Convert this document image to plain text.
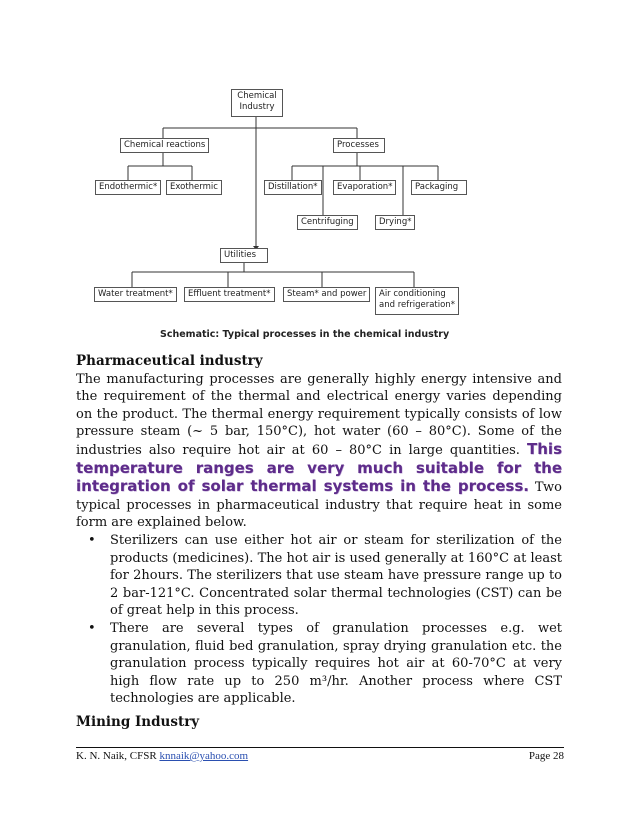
Chemical
Industry
Chemical reactions	Processes
Endothermic*	Exothermic	Distillation*	Evaporation*	Packaging
Centrifuging	Drying*
Utilities
Water treatment*	Effluent treatment*	Steam* and power	Air conditioning
and refrigeration*
Schematic: Typical processes in the chemical industry

Pharmaceutical industry

The manufacturing processes are generally highly energy intensive and the requirement of the thermal and electrical energy varies depending on the product. The thermal energy requirement typically consists of low pressure steam (~ 5 bar, 150°C), hot water (60 – 80°C). Some of the industries also require hot air at 60 – 80°C in large quantities. This temperature ranges are very much suitable for the integration of solar thermal systems in the process. Two typical processes in pharmaceutical industry that require heat in some form are explained below.

• Sterilizers can use either hot air or steam for sterilization of the products (medicines). The hot air is used generally at 160°C at least for 2hours. The sterilizers that use steam have pressure range up to 2 bar-121°C. Concentrated solar thermal technologies (CST) can be of great help in this process.
• There are several types of granulation processes e.g. wet granulation, fluid bed granulation, spray drying granulation etc. the granulation process typically requires hot air at 60-70°C at very high flow rate up to 250 m³/hr. Another process where CST technologies are applicable.

Mining Industry

K. N. Naik, CFSR knnaik@yahoo.com	Page 28
